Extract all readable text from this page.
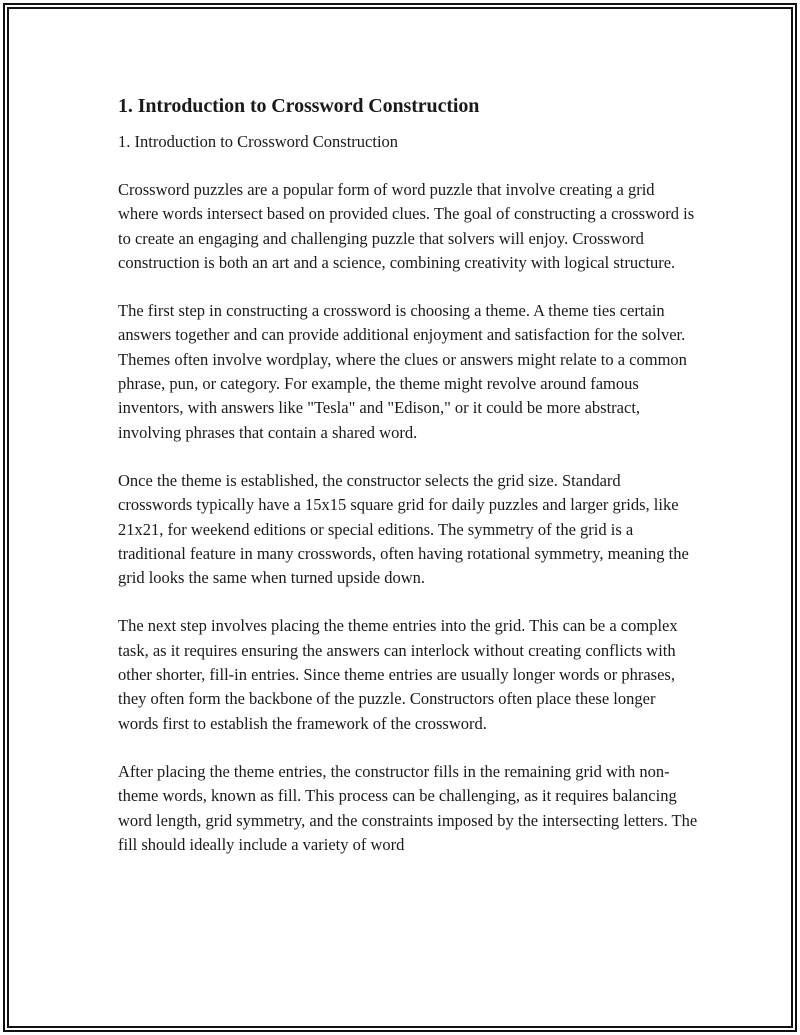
1. Introduction to Crossword Construction

1. Introduction to Crossword Construction

Crossword puzzles are a popular form of word puzzle that involve creating a grid where words intersect based on provided clues. The goal of constructing a crossword is to create an engaging and challenging puzzle that solvers will enjoy. Crossword construction is both an art and a science, combining creativity with logical structure.

The first step in constructing a crossword is choosing a theme. A theme ties certain answers together and can provide additional enjoyment and satisfaction for the solver. Themes often involve wordplay, where the clues or answers might relate to a common phrase, pun, or category. For example, the theme might revolve around famous inventors, with answers like "Tesla" and "Edison," or it could be more abstract, involving phrases that contain a shared word.

Once the theme is established, the constructor selects the grid size. Standard crosswords typically have a 15x15 square grid for daily puzzles and larger grids, like 21x21, for weekend editions or special editions. The symmetry of the grid is a traditional feature in many crosswords, often having rotational symmetry, meaning the grid looks the same when turned upside down.

The next step involves placing the theme entries into the grid. This can be a complex task, as it requires ensuring the answers can interlock without creating conflicts with other shorter, fill-in entries. Since theme entries are usually longer words or phrases, they often form the backbone of the puzzle. Constructors often place these longer words first to establish the framework of the crossword.

After placing the theme entries, the constructor fills in the remaining grid with non-theme words, known as fill. This process can be challenging, as it requires balancing word length, grid symmetry, and the constraints imposed by the intersecting letters. The fill should ideally include a variety of word
